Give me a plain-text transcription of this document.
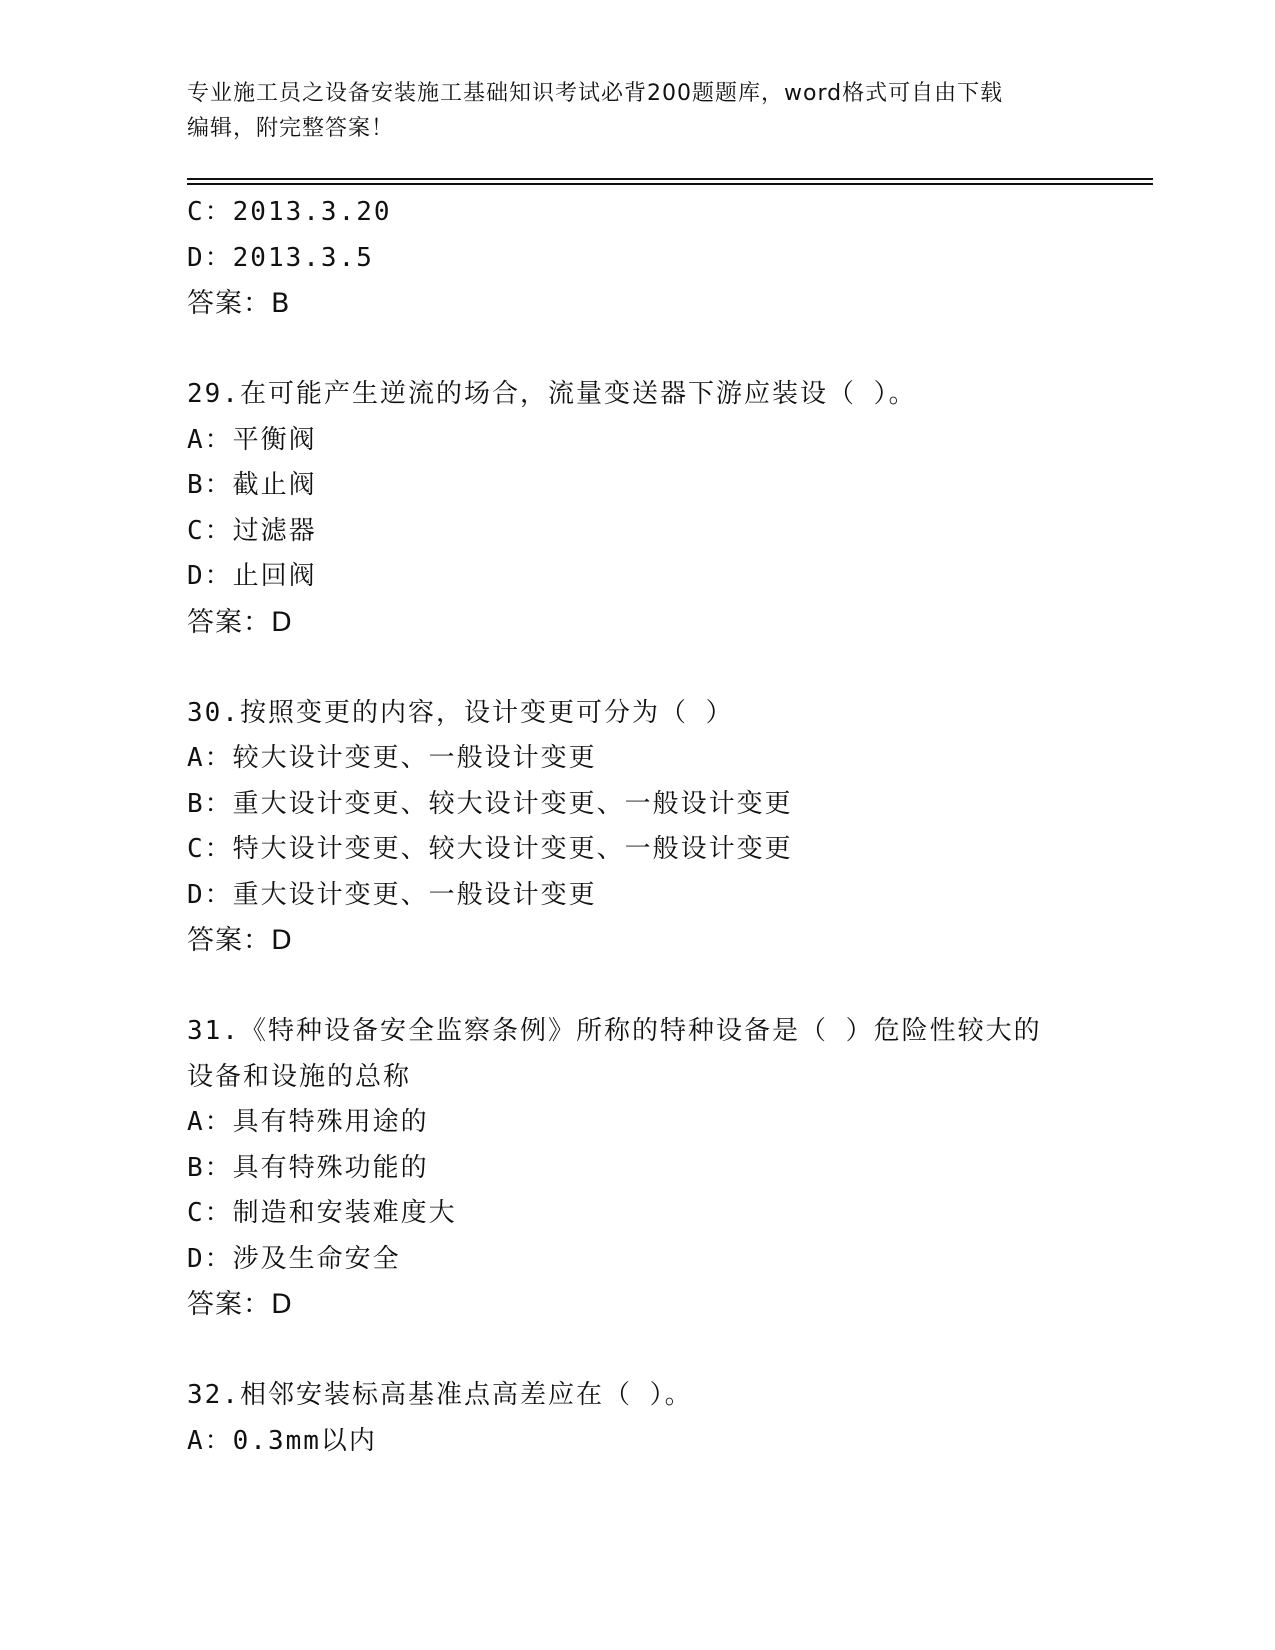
专业施工员之设备安装施工基础知识考试必背200题题库，word格式可自由下载
编辑，附完整答案！
C：2013.3.20
D：2013.3.5
答案：B
29.在可能产生逆流的场合，流量变送器下游应装设（ ）。
A：平衡阀
B：截止阀
C：过滤器
D：止回阀
答案：D
30.按照变更的内容，设计变更可分为（ ）
A：较大设计变更、一般设计变更
B：重大设计变更、较大设计变更、一般设计变更
C：特大设计变更、较大设计变更、一般设计变更
D：重大设计变更、一般设计变更
答案：D
31.《特种设备安全监察条例》所称的特种设备是（ ）危险性较大的
设备和设施的总称
A：具有特殊用途的
B：具有特殊功能的
C：制造和安装难度大
D：涉及生命安全
答案：D
32.相邻安装标高基准点高差应在（ ）。
A：0.3mm以内
